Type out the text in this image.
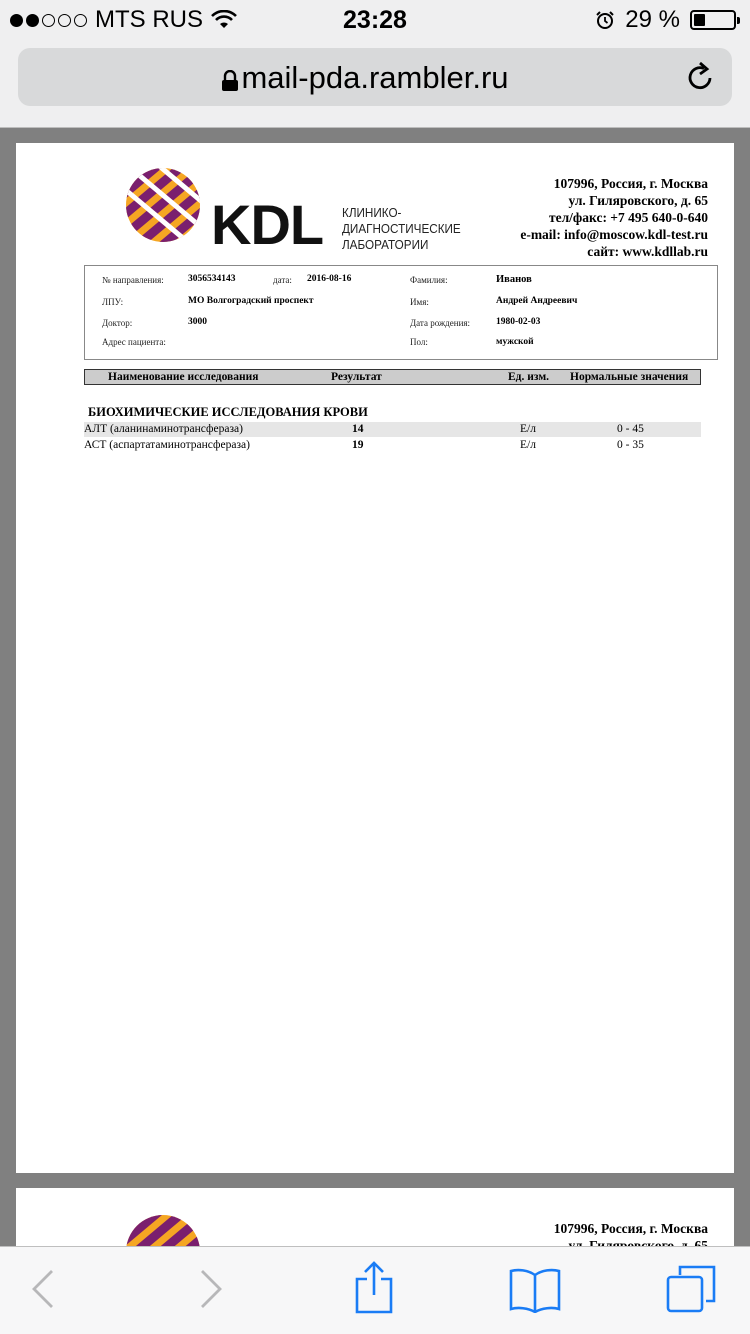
MTS RUS	23:28	29 %
mail-pda.rambler.ru
KDL КЛИНИКО-
ДИАГНОСТИЧЕСКИЕ
ЛАБОРАТОРИИ
107996, Россия, г. Москва
ул. Гиляровского, д. 65
тел/факс: +7 495 640-0-640
e-mail: info@moscow.kdl-test.ru
сайт: www.kdllab.ru
№ направления:	3056534143	дата: 2016-08-16	Фамилия:	Иванов
ЛПУ:	МО Волгоградский проспект	Имя:	Андрей Андреевич
Доктор:	3000	Дата рождения:	1980-02-03
Адрес пациента:	Пол:	мужской
Наименование исследования	Результат	Ед. изм. Нормальные значения
БИОХИМИЧЕСКИЕ ИССЛЕДОВАНИЯ КРОВИ
АЛТ (аланинаминотрансфераза)	14	Е/л	0 - 45
АСТ (аспартатаминотрансфераза)	19	Е/л	0 - 35
107996, Россия, г. Москва
